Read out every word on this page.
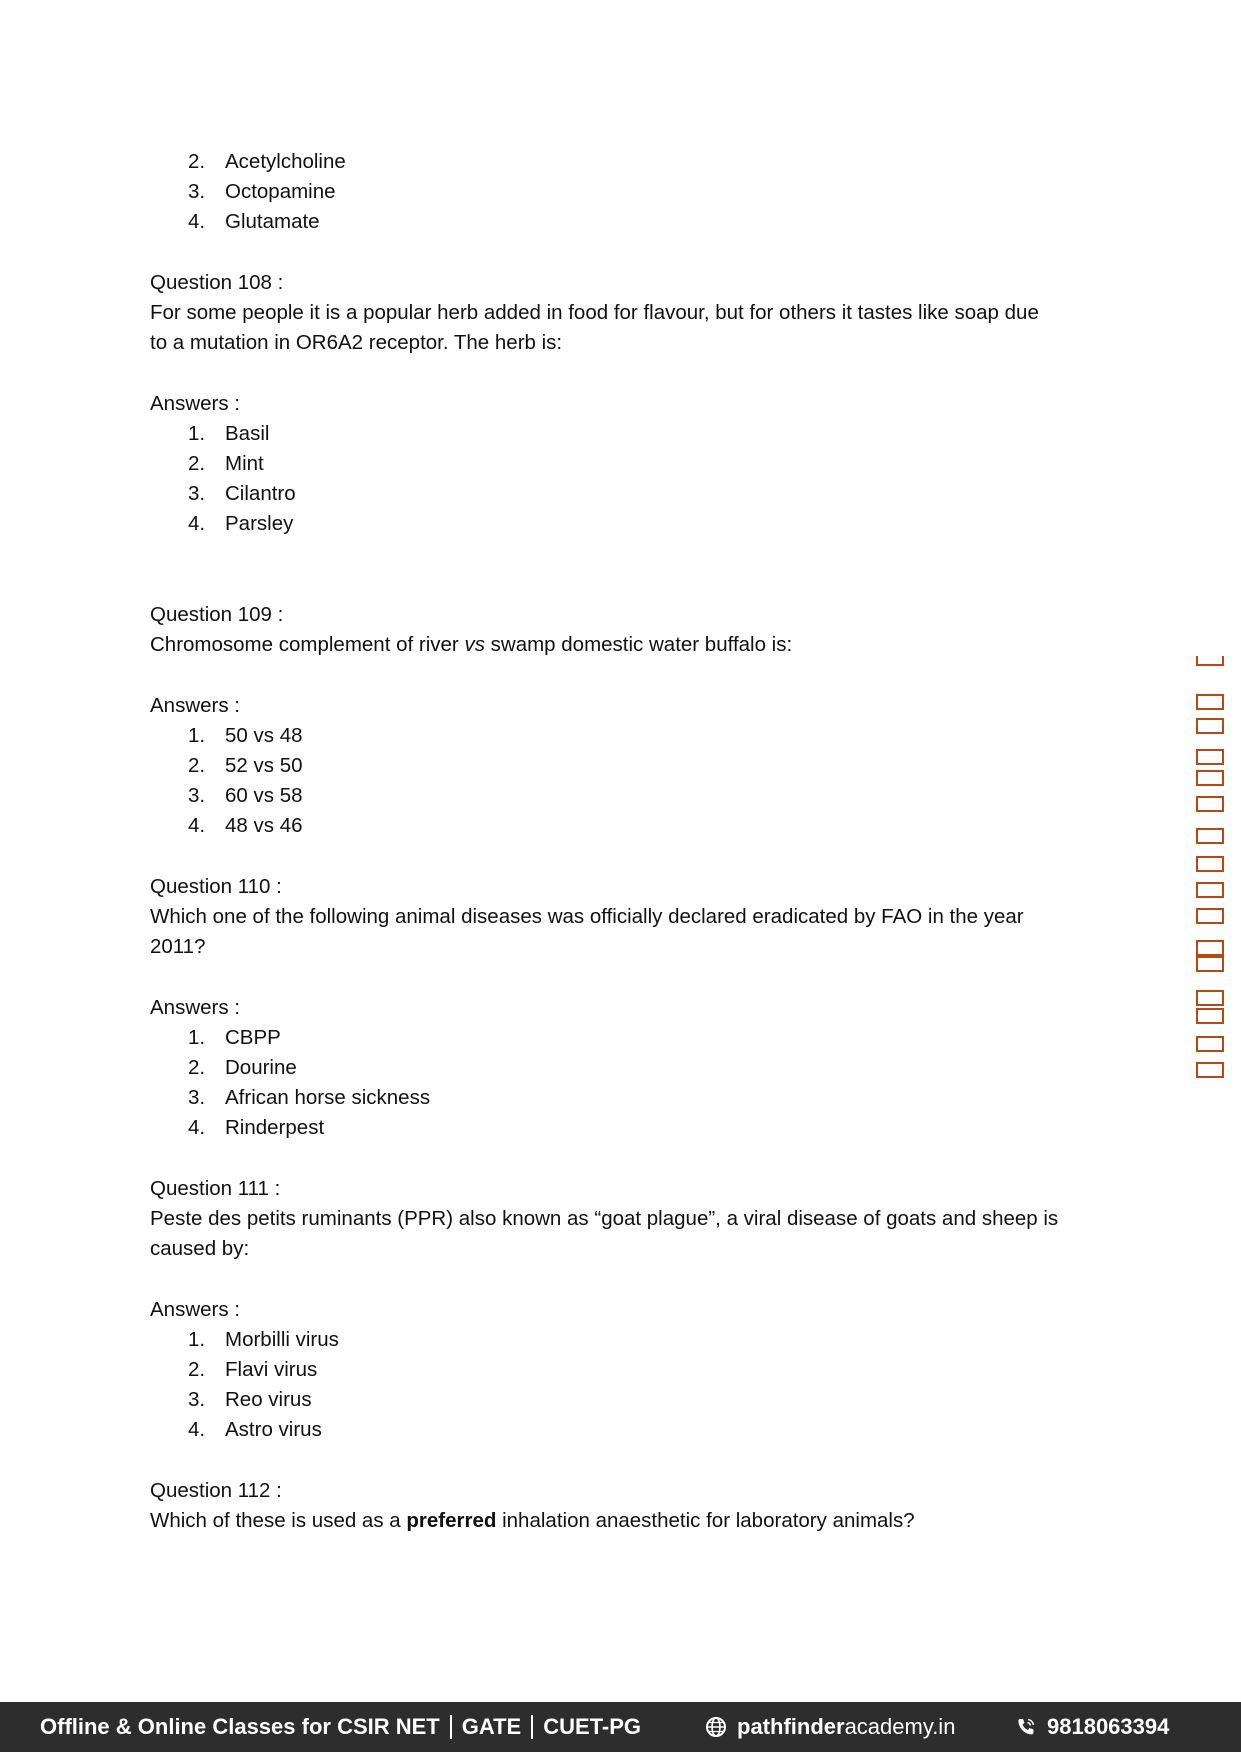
2. Acetylcholine
3. Octopamine
4. Glutamate
Question 108 :
For some people it is a popular herb added in food for flavour, but for others it tastes like soap due
to a mutation in OR6A2 receptor. The herb is:
Answers :
1. Basil
2. Mint
3. Cilantro
4. Parsley
Question 109 :
Chromosome complement of river vs swamp domestic water buffalo is:
Answers :
1. 50 vs 48
2. 52 vs 50
3. 60 vs 58
4. 48 vs 46
Question 110 :
Which one of the following animal diseases was officially declared eradicated by FAO in the year
2011?
Answers :
1. CBPP
2. Dourine
3. African horse sickness
4. Rinderpest
Question 111 :
Peste des petits ruminants (PPR) also known as “goat plague”, a viral disease of goats and sheep is
caused by:
Answers :
1. Morbilli virus
2. Flavi virus
3. Reo virus
4. Astro virus
Question 112 :
Which of these is used as a preferred inhalation anaesthetic for laboratory animals?
Offline & Online Classes for CSIR NET GATE CUET-PG	pathfinder academy.in	9818063394
